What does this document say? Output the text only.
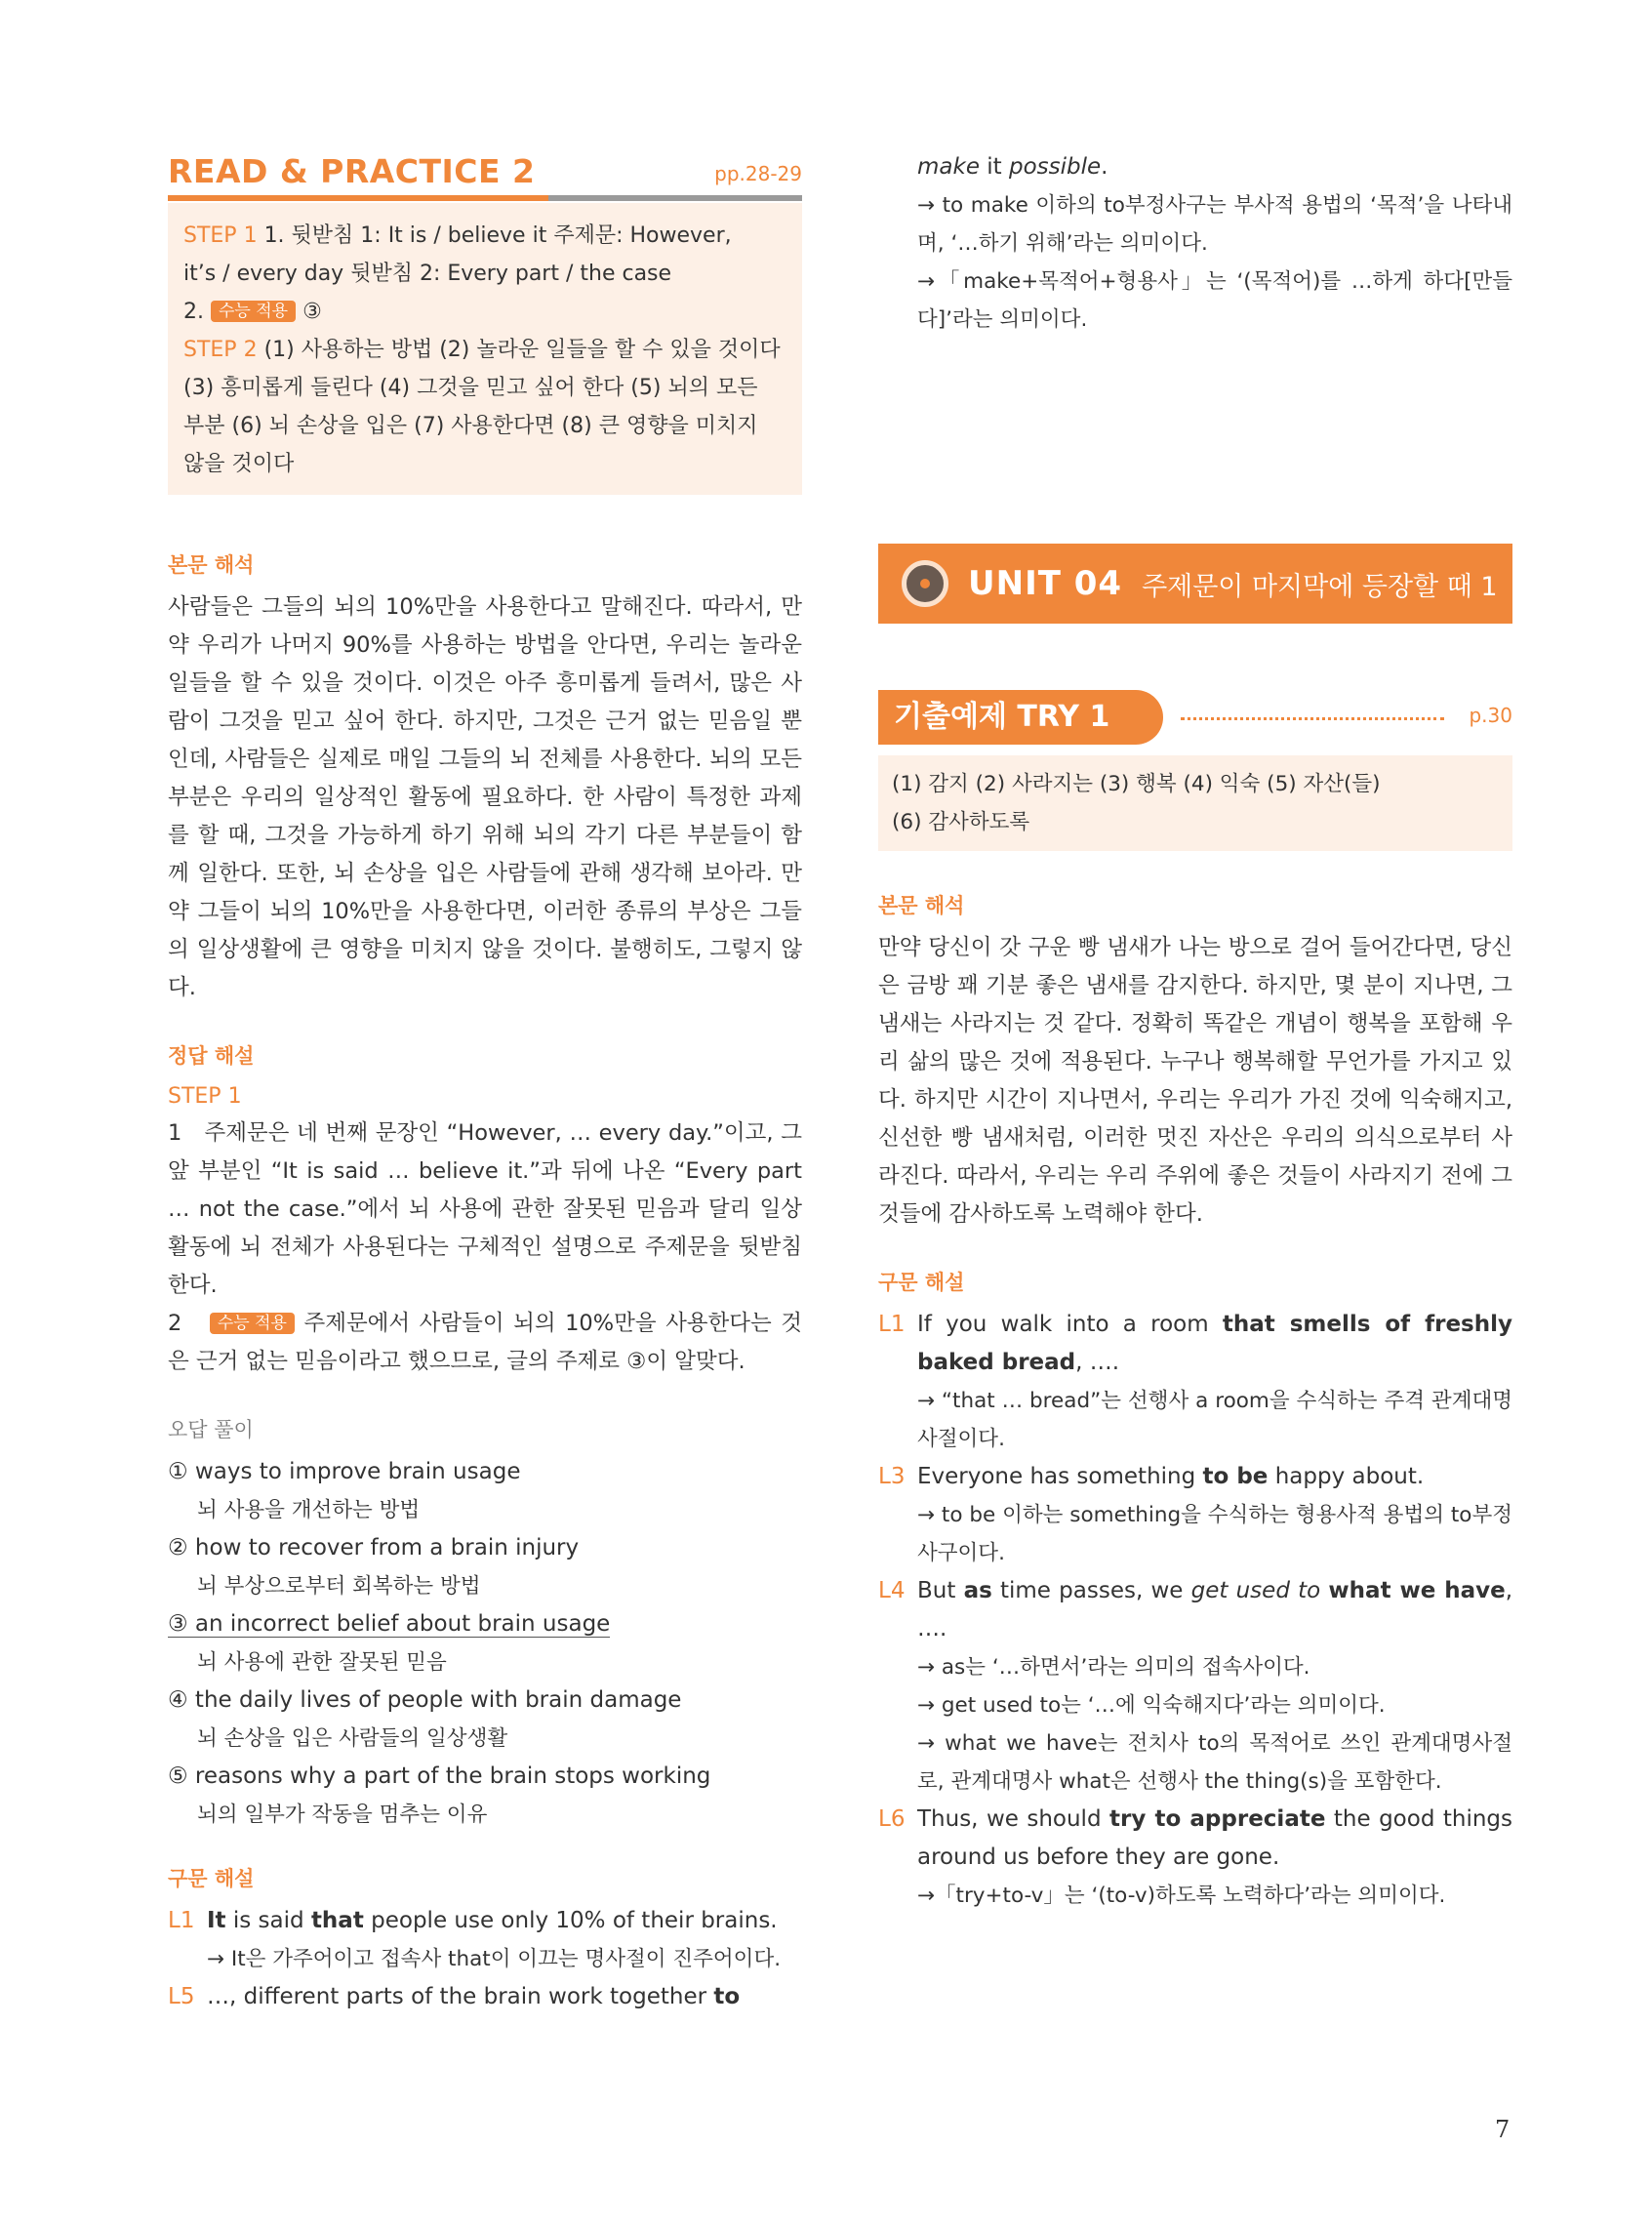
READ & PRACTICE 2	pp.28-29
STEP 1 1. 뒷받침 1: It is / believe it 주제문: However,
it’s / every day 뒷받침 2: Every part / the case
2. 수능 적용 ③
STEP 2 (1) 사용하는 방법 (2) 놀라운 일들을 할 수 있을 것이다
(3) 흥미롭게 들린다 (4) 그것을 믿고 싶어 한다 (5) 뇌의 모든
부분 (6) 뇌 손상을 입은 (7) 사용한다면 (8) 큰 영향을 미치지
않을 것이다
본문 해석
사람들은 그들의 뇌의 10%만을 사용한다고 말해진다. 따라서, 만약 우리가 나머지 90%를 사용하는 방법을 안다면, 우리는 놀라운 일들을 할 수 있을 것이다. 이것은 아주 흥미롭게 들려서, 많은 사람이 그것을 믿고 싶어 한다. 하지만, 그것은 근거 없는 믿음일 뿐인데, 사람들은 실제로 매일 그들의 뇌 전체를 사용한다. 뇌의 모든 부분은 우리의 일상적인 활동에 필요하다. 한 사람이 특정한 과제를 할 때, 그것을 가능하게 하기 위해 뇌의 각기 다른 부분들이 함께 일한다. 또한, 뇌 손상을 입은 사람들에 관해 생각해 보아라. 만약 그들이 뇌의 10%만을 사용한다면, 이러한 종류의 부상은 그들의 일상생활에 큰 영향을 미치지 않을 것이다. 불행히도, 그렇지 않다.
정답 해설
STEP 1
1 주제문은 네 번째 문장인 “However, … every day.”이고, 그 앞 부분인 “It is said … believe it.”과 뒤에 나온 “Every part … not the case.”에서 뇌 사용에 관한 잘못된 믿음과 달리 일상 활동에 뇌 전체가 사용된다는 구체적인 설명으로 주제문을 뒷받침한다.
2 수능 적용 주제문에서 사람들이 뇌의 10%만을 사용한다는 것은 근거 없는 믿음이라고 했으므로, 글의 주제로 ③이 알맞다.
오답 풀이
① ways to improve brain usage
뇌 사용을 개선하는 방법
② how to recover from a brain injury
뇌 부상으로부터 회복하는 방법
③ an incorrect belief about brain usage
뇌 사용에 관한 잘못된 믿음
④ the daily lives of people with brain damage
뇌 손상을 입은 사람들의 일상생활
⑤ reasons why a part of the brain stops working
뇌의 일부가 작동을 멈추는 이유
구문 해설
L1 It is said that people use only 10% of their brains.
→ It은 가주어이고 접속사 that이 이끄는 명사절이 진주어이다.
L5 …, different parts of the brain work together to
make it possible.
→ to make 이하의 to부정사구는 부사적 용법의 ‘목적’을 나타내며, ‘…하기 위해’라는 의미이다.
→「make+목적어+형용사」는 ‘(목적어)를 …하게 하다[만들다]’라는 의미이다.
UNIT 04 주제문이 마지막에 등장할 때 1
기출예제 TRY 1	p.30
(1) 감지 (2) 사라지는 (3) 행복 (4) 익숙 (5) 자산(들)
(6) 감사하도록
본문 해석
만약 당신이 갓 구운 빵 냄새가 나는 방으로 걸어 들어간다면, 당신은 금방 꽤 기분 좋은 냄새를 감지한다. 하지만, 몇 분이 지나면, 그 냄새는 사라지는 것 같다. 정확히 똑같은 개념이 행복을 포함해 우리 삶의 많은 것에 적용된다. 누구나 행복해할 무언가를 가지고 있다. 하지만 시간이 지나면서, 우리는 우리가 가진 것에 익숙해지고, 신선한 빵 냄새처럼, 이러한 멋진 자산은 우리의 의식으로부터 사라진다. 따라서, 우리는 우리 주위에 좋은 것들이 사라지기 전에 그것들에 감사하도록 노력해야 한다.
구문 해설
L1 If you walk into a room that smells of freshly baked bread, ….
→ “that … bread”는 선행사 a room을 수식하는 주격 관계대명사절이다.
L3 Everyone has something to be happy about.
→ to be 이하는 something을 수식하는 형용사적 용법의 to부정사구이다.
L4 But as time passes, we get used to what we have, ….
→ as는 ‘…하면서’라는 의미의 접속사이다.
→ get used to는 ‘…에 익숙해지다’라는 의미이다.
→ what we have는 전치사 to의 목적어로 쓰인 관계대명사절로, 관계대명사 what은 선행사 the thing(s)을 포함한다.
L6 Thus, we should try to appreciate the good things around us before they are gone.
→「try+to-v」는 ‘(to-v)하도록 노력하다’라는 의미이다.
7
